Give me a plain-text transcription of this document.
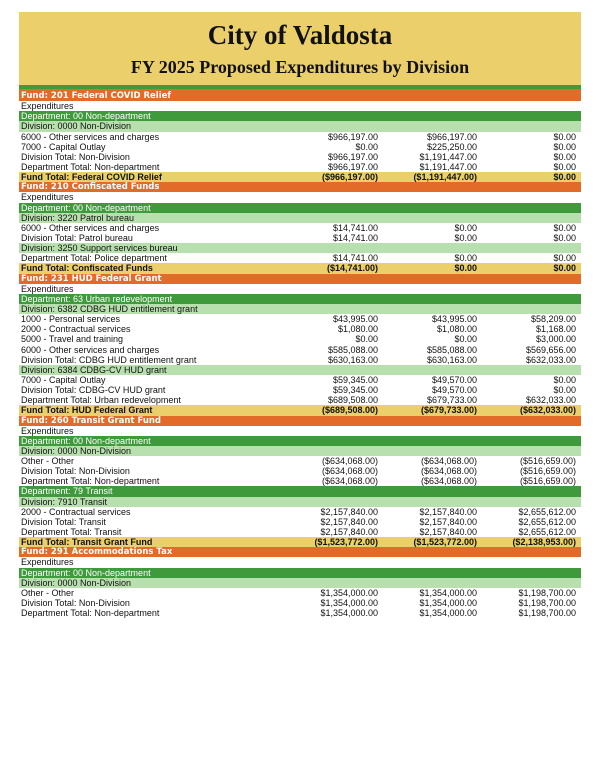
City of Valdosta
FY 2025 Proposed Expenditures by Division
Fund: 201 Federal COVID Relief
Expenditures
Department: 00 Non-department
Division: 0000 Non-Division
6000 - Other services and charges	$966,197.00	$966,197.00	$0.00
7000 - Capital Outlay	$0.00	$225,250.00	$0.00
Division Total: Non-Division	$966,197.00	$1,191,447.00	$0.00
Department Total: Non-department	$966,197.00	$1,191,447.00	$0.00
Fund Total: Federal COVID Relief	($966,197.00)	($1,191,447.00)	$0.00
Fund: 210 Confiscated Funds
Expenditures
Department: 00 Non-department
Division: 3220 Patrol bureau
6000 - Other services and charges	$14,741.00	$0.00	$0.00
Division Total: Patrol bureau	$14,741.00	$0.00	$0.00
Division: 3250 Support services bureau
Department Total: Police department	$14,741.00	$0.00	$0.00
Fund Total: Confiscated Funds	($14,741.00)	$0.00	$0.00
Fund: 231 HUD Federal Grant
Expenditures
Department: 63 Urban redevelopment
Division: 6382 CDBG HUD entitlement grant
1000 - Personal services	$43,995.00	$43,995.00	$58,209.00
2000 - Contractual services	$1,080.00	$1,080.00	$1,168.00
5000 - Travel and training	$0.00	$0.00	$3,000.00
6000 - Other services and charges	$585,088.00	$585,088.00	$569,656.00
Division Total: CDBG HUD entitlement grant	$630,163.00	$630,163.00	$632,033.00
Division: 6384 CDBG-CV HUD grant
7000 - Capital Outlay	$59,345.00	$49,570.00	$0.00
Division Total: CDBG-CV HUD grant	$59,345.00	$49,570.00	$0.00
Department Total: Urban redevelopment	$689,508.00	$679,733.00	$632,033.00
Fund Total: HUD Federal Grant	($689,508.00)	($679,733.00)	($632,033.00)
Fund: 260 Transit Grant Fund
Expenditures
Department: 00 Non-department
Division: 0000 Non-Division
Other - Other	($634,068.00)	($634,068.00)	($516,659.00)
Division Total: Non-Division	($634,068.00)	($634,068.00)	($516,659.00)
Department Total: Non-department	($634,068.00)	($634,068.00)	($516,659.00)
Department: 79 Transit
Division: 7910 Transit
2000 - Contractual services	$2,157,840.00	$2,157,840.00	$2,655,612.00
Division Total: Transit	$2,157,840.00	$2,157,840.00	$2,655,612.00
Department Total: Transit	$2,157,840.00	$2,157,840.00	$2,655,612.00
Fund Total: Transit Grant Fund	($1,523,772.00)	($1,523,772.00)	($2,138,953.00)
Fund: 291 Accommodations Tax
Expenditures
Department: 00 Non-department
Division: 0000 Non-Division
Other - Other	$1,354,000.00	$1,354,000.00	$1,198,700.00
Division Total: Non-Division	$1,354,000.00	$1,354,000.00	$1,198,700.00
Department Total: Non-department	$1,354,000.00	$1,354,000.00	$1,198,700.00
